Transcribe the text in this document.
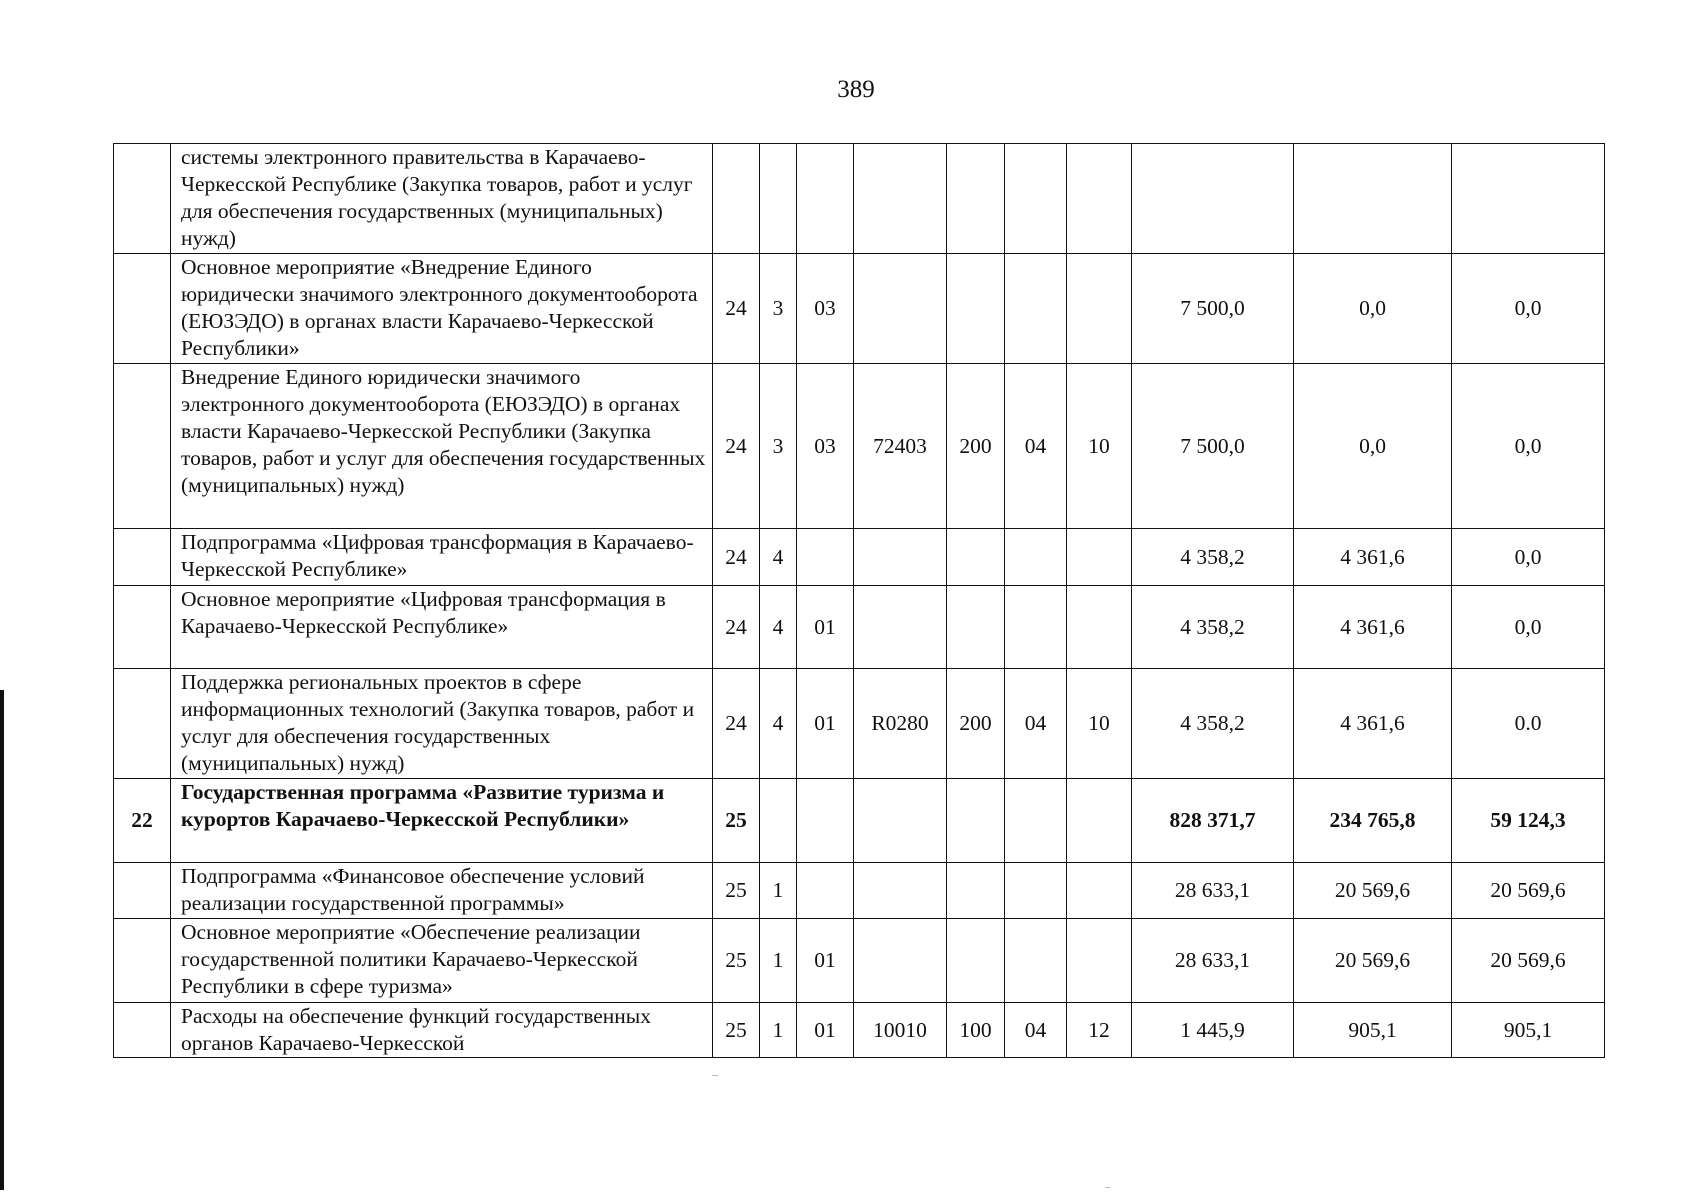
389
	системы электронного правительства в Карачаево-Черкесской Республике (Закупка товаров, работ и услуг для обеспечения государственных (муниципальных) нужд)										
	Основное мероприятие «Внедрение Единого юридически значимого электронного документооборота (ЕЮЗЭДО) в органах власти Карачаево-Черкесской Республики»	24	3	03					7 500,0	0,0	0,0
	Внедрение Единого юридически значимого электронного документооборота (ЕЮЗЭДО) в органах власти Карачаево-Черкесской Республики (Закупка товаров, работ и услуг для обеспечения государственных (муниципальных) нужд)	24	3	03	72403	200	04	10	7 500,0	0,0	0,0
	Подпрограмма «Цифровая трансформация в Карачаево-Черкесской Республике»	24	4						4 358,2	4 361,6	0,0
	Основное мероприятие «Цифровая трансформация в Карачаево-Черкесской Республике»	24	4	01					4 358,2	4 361,6	0,0
	Поддержка региональных проектов в сфере информационных технологий (Закупка товаров, работ и услуг для обеспечения государственных (муниципальных) нужд)	24	4	01	R0280	200	04	10	4 358,2	4 361,6	0.0
22	Государственная программа «Развитие туризма и курортов Карачаево-Черкесской Республики»	25							828 371,7	234 765,8	59 124,3
	Подпрограмма «Финансовое обеспечение условий реализации государственной программы»	25	1						28 633,1	20 569,6	20 569,6
	Основное мероприятие «Обеспечение реализации государственной политики Карачаево-Черкесской Республики в сфере туризма»	25	1	01					28 633,1	20 569,6	20 569,6
	Расходы на обеспечение функций государственных органов Карачаево-Черкесской	25	1	01	10010	100	04	12	1 445,9	905,1	905,1
